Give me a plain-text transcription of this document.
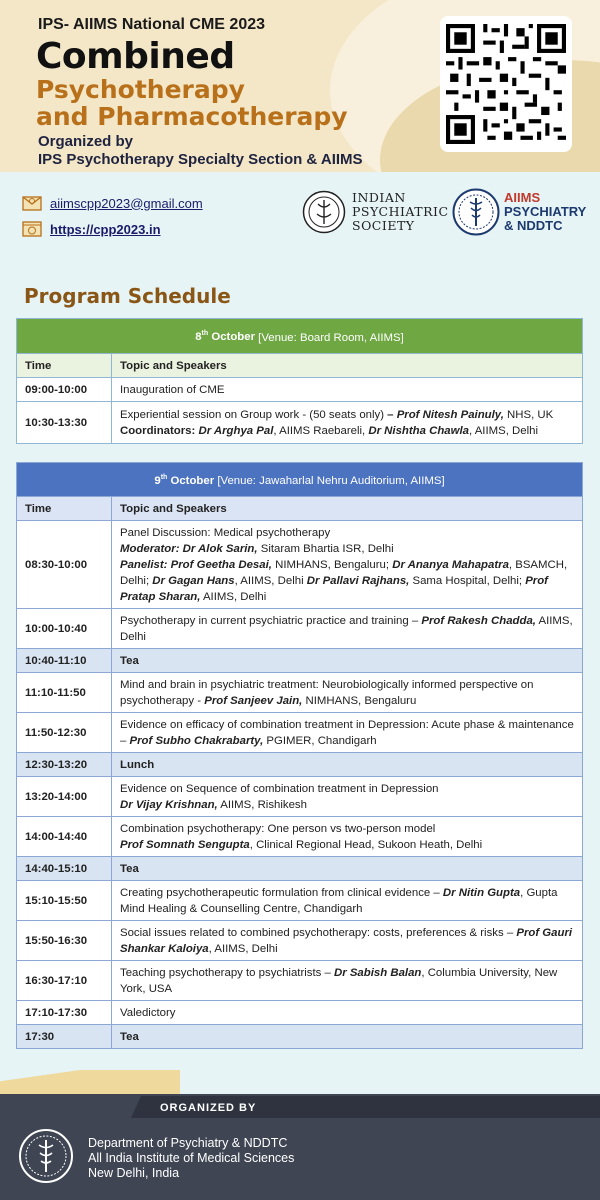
IPS- AIIMS National CME 2023
Combined
Psychotherapy
and Pharmacotherapy
Organized by
IPS Psychotherapy Specialty Section & AIIMS
aiimscpp2023@gmail.com
https://cpp2023.in
INDIAN
PSYCHIATRIC
SOCIETY
AIIMS
PSYCHIATRY
& NDDTC
Program Schedule
8th October [Venue: Board Room, AIIMS]	
Time	Topic and Speakers
09:00-10:00	Inauguration of CME
10:30-13:30	Experiential session on Group work - (50 seats only) – Prof Nitesh Painuly, NHS, UK
Coordinators: Dr Arghya Pal, AIIMS Raebareli, Dr Nishtha Chawla, AIIMS, Delhi
9th October [Venue: Jawaharlal Nehru Auditorium, AIIMS]	
Time	Topic and Speakers
08:30-10:00	Panel Discussion: Medical psychotherapy
Moderator: Dr Alok Sarin, Sitaram Bhartia ISR, Delhi
Panelist: Prof Geetha Desai, NIMHANS, Bengaluru; Dr Ananya Mahapatra, BSAMCH, Delhi; Dr Gagan Hans, AIIMS, Delhi Dr Pallavi Rajhans, Sama Hospital, Delhi; Prof Pratap Sharan, AIIMS, Delhi
10:00-10:40	Psychotherapy in current psychiatric practice and training – Prof Rakesh Chadda, AIIMS, Delhi
10:40-11:10	Tea
11:10-11:50	Mind and brain in psychiatric treatment: Neurobiologically informed perspective on psychotherapy - Prof Sanjeev Jain, NIMHANS, Bengaluru
11:50-12:30	Evidence on efficacy of combination treatment in Depression: Acute phase & maintenance – Prof Subho Chakrabarty, PGIMER, Chandigarh
12:30-13:20	Lunch
13:20-14:00	Evidence on Sequence of combination treatment in Depression
Dr Vijay Krishnan, AIIMS, Rishikesh
14:00-14:40	Combination psychotherapy: One person vs two-person model
Prof Somnath Sengupta, Clinical Regional Head, Sukoon Heath, Delhi
14:40-15:10	Tea
15:10-15:50	Creating psychotherapeutic formulation from clinical evidence – Dr Nitin Gupta, Gupta Mind Healing & Counselling Centre, Chandigarh
15:50-16:30	Social issues related to combined psychotherapy: costs, preferences & risks – Prof Gauri Shankar Kaloiya, AIIMS, Delhi
16:30-17:10	Teaching psychotherapy to psychiatrists – Dr Sabish Balan, Columbia University, New York, USA
17:10-17:30	Valedictory
17:30	Tea
ORGANIZED BY
Department of Psychiatry & NDDTC
All India Institute of Medical Sciences
New Delhi, India
